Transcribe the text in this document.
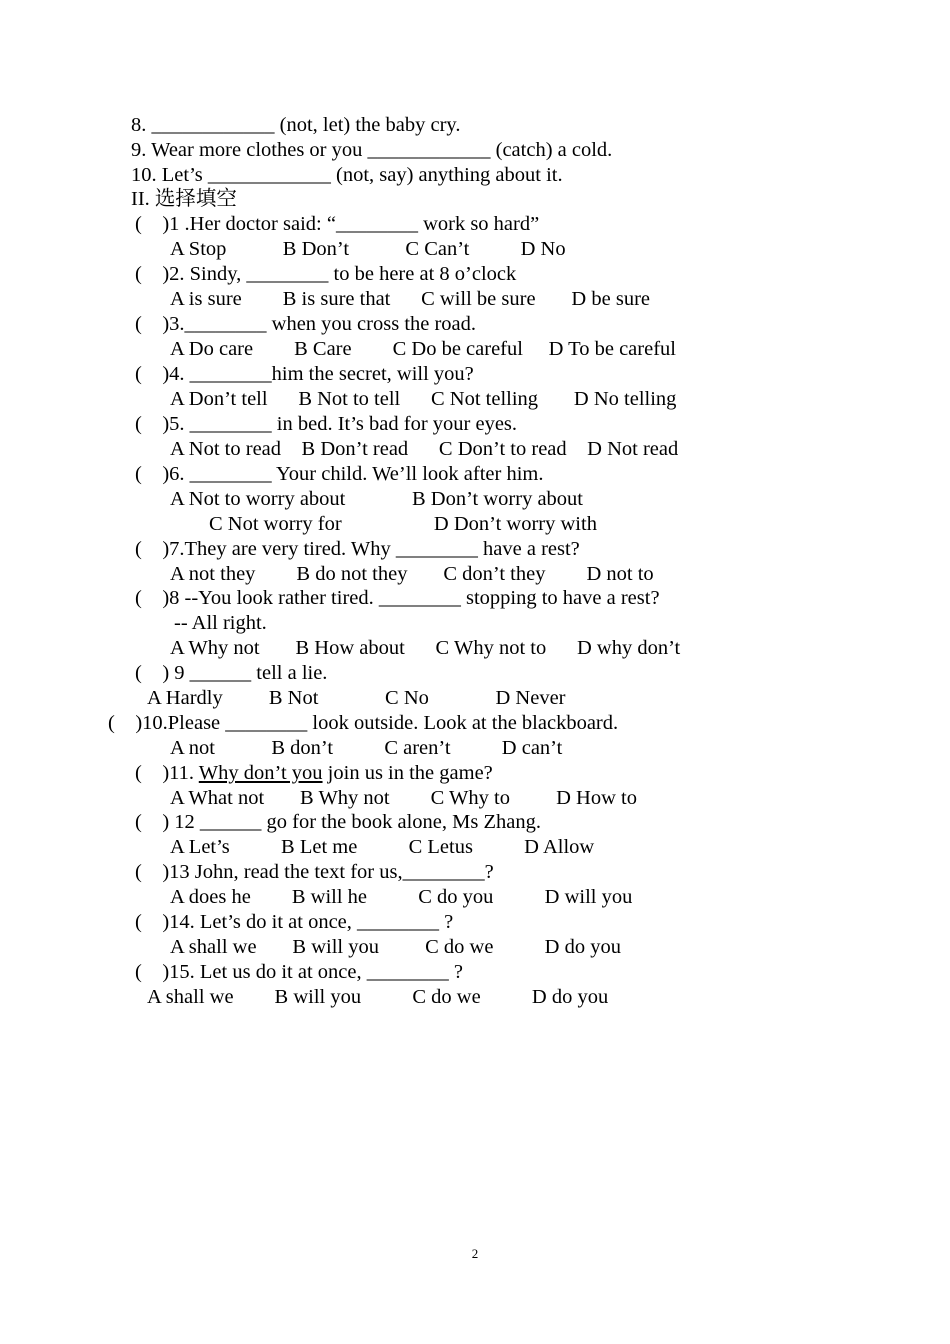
8. ____________ (not, let) the baby cry.
9. Wear more clothes or you ____________ (catch) a cold.
10. Let’s ____________ (not, say) anything about it.
II. 选择填空
(    )1 .Her doctor said: “________ work so hard”
A Stop           B Don’t           C Can’t          D No
(    )2. Sindy, ________ to be here at 8 o’clock
A is sure        B is sure that      C will be sure       D be sure
(    )3.________ when you cross the road.
A Do care        B Care        C Do be careful     D To be careful
(    )4. ________him the secret, will you?
A Don’t tell      B Not to tell      C Not telling       D No telling
(    )5. ________ in bed. It’s bad for your eyes.
A Not to read    B Don’t read      C Don’t to read    D Not read
(    )6. ________ Your child. We’ll look after him.
A Not to worry about             B Don’t worry about
C Not worry for                  D Don’t worry with
(    )7.They are very tired. Why ________ have a rest?
A not they        B do not they       C don’t they        D not to
(    )8 --You look rather tired. ________ stopping to have a rest?
-- All right.
A Why not       B How about      C Why not to      D why don’t
(    ) 9 ______ tell a lie.
A Hardly         B Not             C No             D Never
(    )10.Please ________ look outside. Look at the blackboard.
A not           B don’t          C aren’t          D can’t
(    )11. Why don’t you join us in the game?
A What not       B Why not        C Why to         D How to
(    ) 12 ______ go for the book alone, Ms Zhang.
A Let’s          B Let me          C Letus          D Allow
(    )13 John, read the text for us,________?
A does he        B will he          C do you          D will you
(    )14. Let’s do it at once, ________ ?
A shall we       B will you         C do we          D do you
(    )15. Let us do it at once, ________ ?
A shall we        B will you          C do we          D do you
2
